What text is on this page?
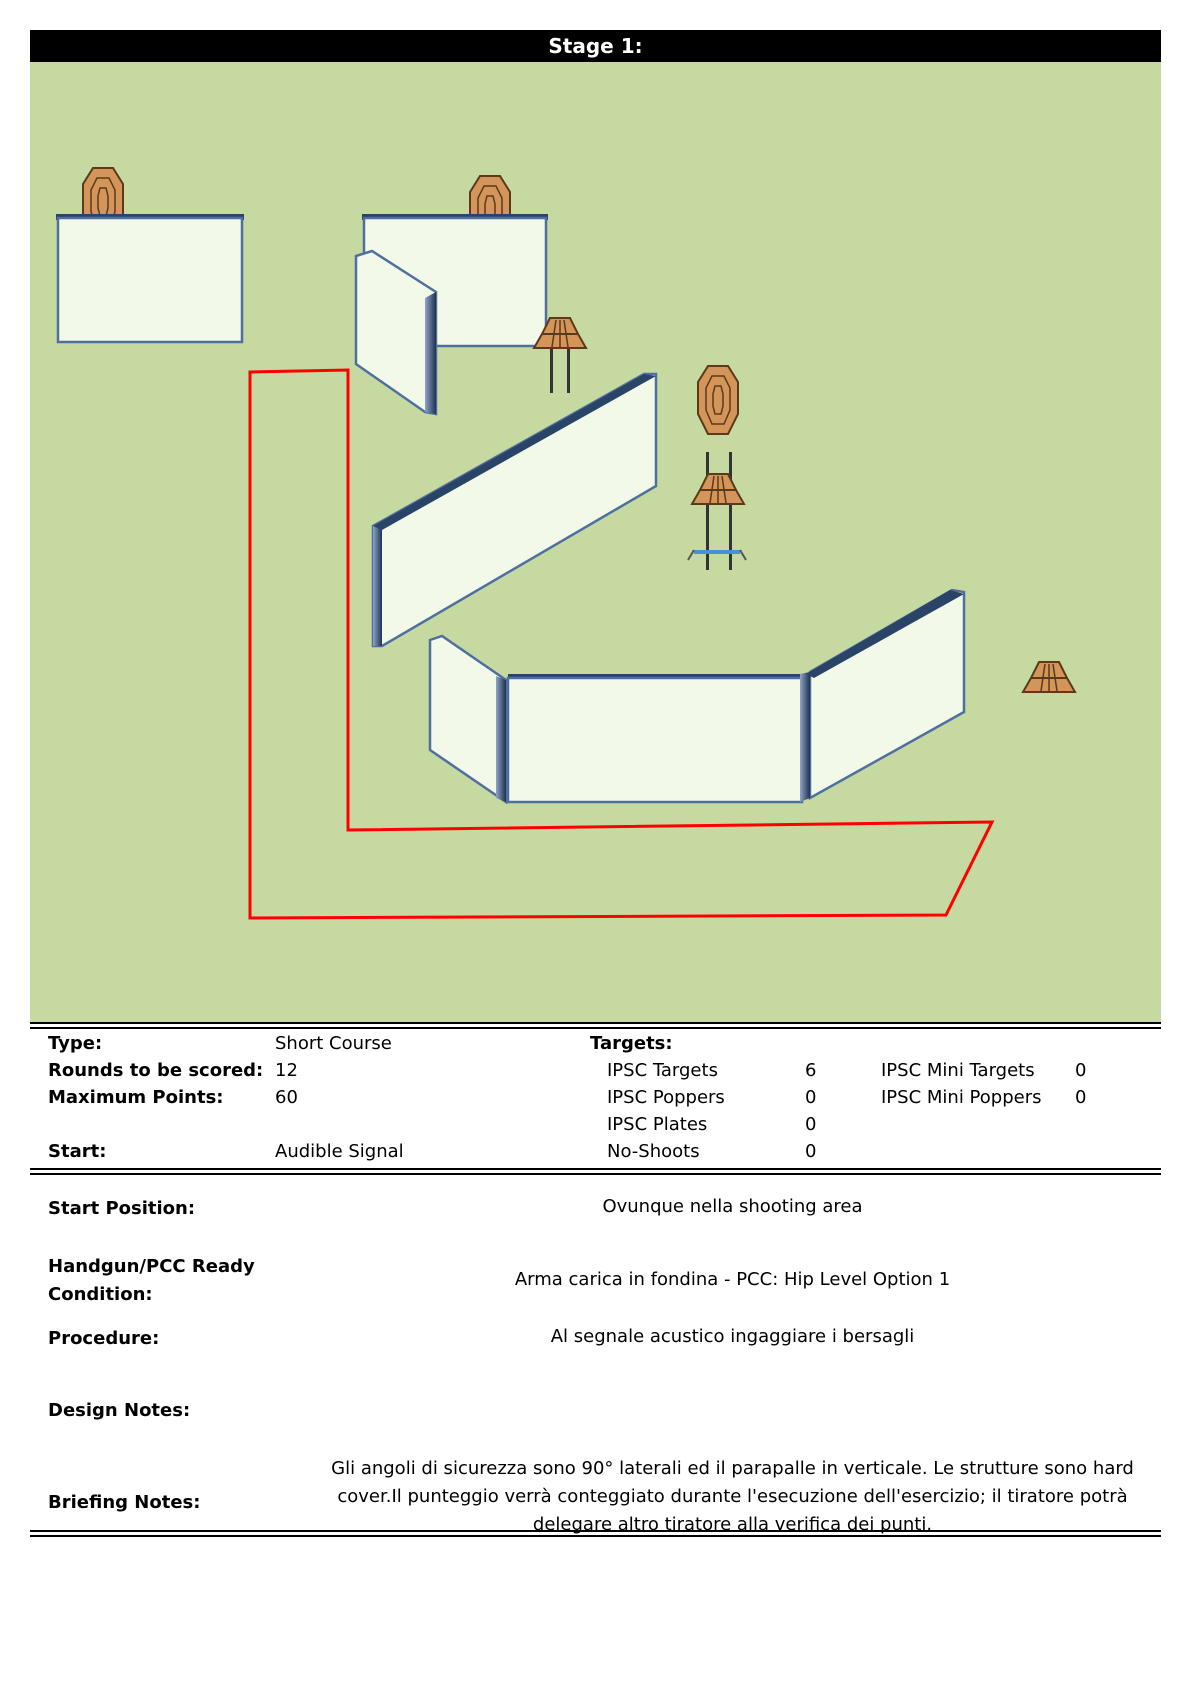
Stage 1:
Type:	Short Course	Targets:
Rounds to be scored: 12	IPSC Targets	6	IPSC Mini Targets 0
Maximum Points:	60	IPSC Poppers	0	IPSC Mini Poppers 0
IPSC Plates	0
Start:	Audible Signal	No-Shoots	0
Start Position:	Ovunque nella shooting area
Handgun/PCC Ready Condition:
Arma carica in fondina - PCC: Hip Level Option 1
Procedure:	Al segnale acustico ingaggiare i bersagli
Design Notes:
Briefing Notes:
Gli angoli di sicurezza sono 90° laterali ed il parapalle in verticale. Le strutture sono hard cover.Il punteggio verrà conteggiato durante l'esecuzione dell'esercizio; il tiratore potrà delegare altro tiratore alla verifica dei punti.
